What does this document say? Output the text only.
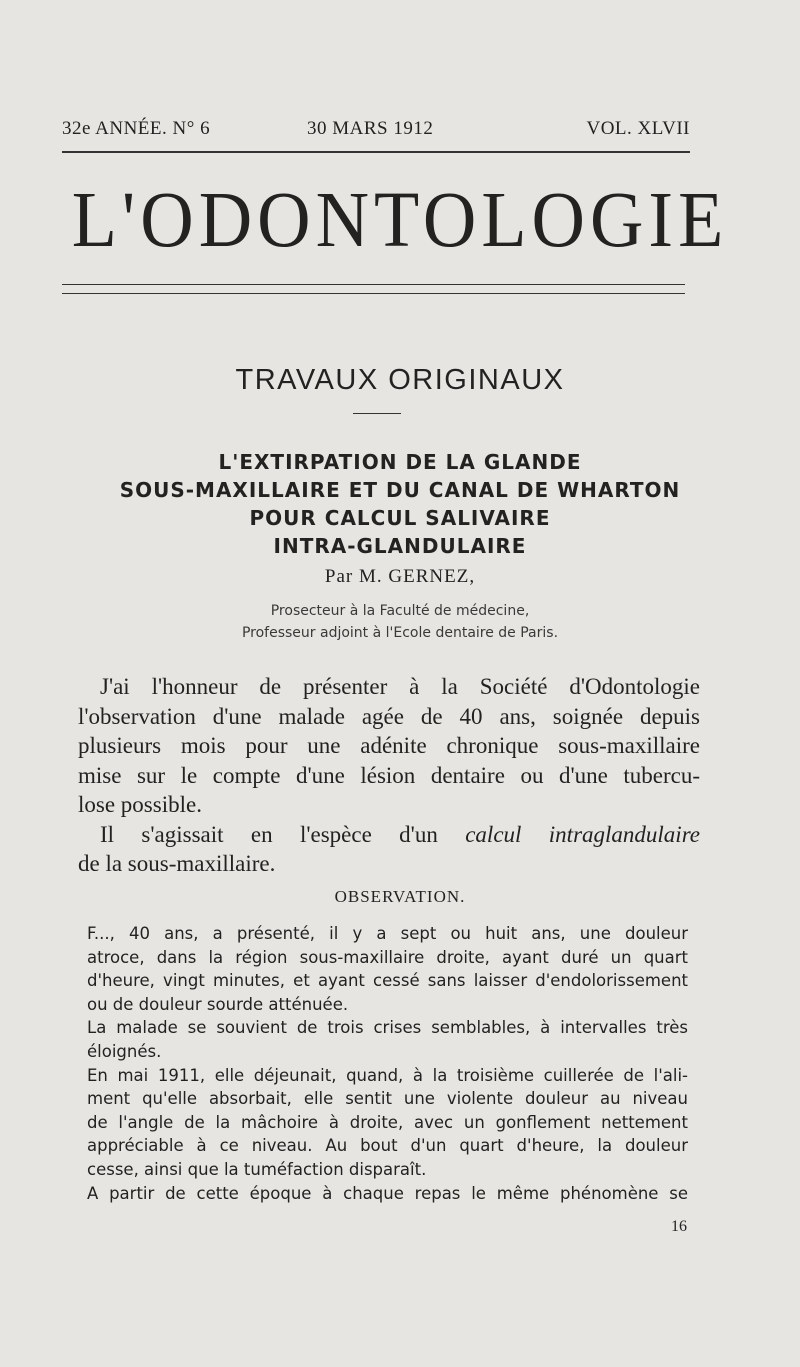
32e ANNÉE. N° 6	30 MARS 1912	VOL. XLVII
L'ODONTOLOGIE
TRAVAUX ORIGINAUX
L'EXTIRPATION DE LA GLANDE
SOUS-MAXILLAIRE ET DU CANAL DE WHARTON
POUR CALCUL SALIVAIRE
INTRA-GLANDULAIRE
Par M. GERNEZ,
Prosecteur à la Faculté de médecine,
Professeur adjoint à l'Ecole dentaire de Paris.

J'ai l'honneur de présenter à la Société d'Odontologie
l'observation d'une malade agée de 40 ans, soignée depuis
plusieurs mois pour une adénite chronique sous-maxillaire
mise sur le compte d'une lésion dentaire ou d'une tubercu-
lose possible.

Il s'agissait en l'espèce d'un calcul intraglandulaire
de la sous-maxillaire.

OBSERVATION.
F..., 40 ans, a présenté, il y a sept ou huit ans, une douleur
atroce, dans la région sous-maxillaire droite, ayant duré un quart
d'heure, vingt minutes, et ayant cessé sans laisser d'endolorissement
ou de douleur sourde atténuée.
La malade se souvient de trois crises semblables, à intervalles très
éloignés.
En mai 1911, elle déjeunait, quand, à la troisième cuillerée de l'ali-
ment qu'elle absorbait, elle sentit une violente douleur au niveau
de l'angle de la mâchoire à droite, avec un gonflement nettement
appréciable à ce niveau. Au bout d'un quart d'heure, la douleur
cesse, ainsi que la tuméfaction disparaît.
A partir de cette époque à chaque repas le même phénomène se
16
